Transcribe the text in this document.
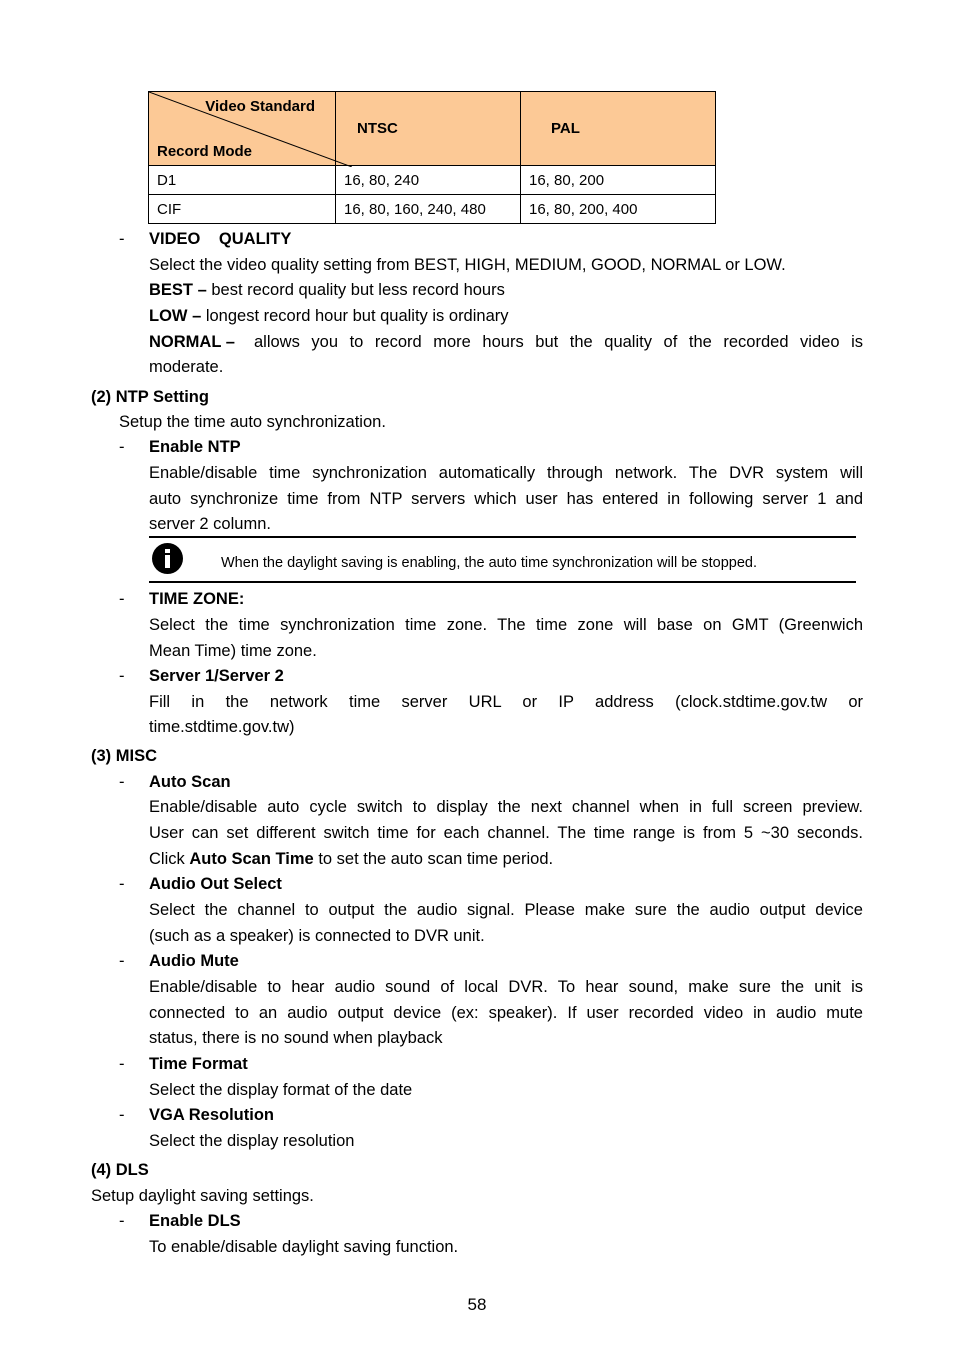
Video Standard
Record Mode	NTSC	PAL
D1	16, 80, 240	16, 80, 200
CIF	16, 80, 160, 240, 480	16, 80, 200, 400
- VIDEO QUALITY
Select the video quality setting from BEST, HIGH, MEDIUM, GOOD, NORMAL or LOW.
BEST – best record quality but less record hours
LOW – longest record hour but quality is ordinary
NORMAL – allows you to record more hours but the quality of the recorded video is
moderate.
(2) NTP Setting
Setup the time auto synchronization.
- Enable NTP
Enable/disable time synchronization automatically through network. The DVR system will
auto synchronize time from NTP servers which user has entered in following server 1 and
server 2 column.
When the daylight saving is enabling, the auto time synchronization will be stopped.
- TIME ZONE:
Select the time synchronization time zone. The time zone will base on GMT (Greenwich
Mean Time) time zone.
- Server 1/Server 2
Fill in the network time server URL or IP address (clock.stdtime.gov.tw or
time.stdtime.gov.tw)
(3) MISC
- Auto Scan
Enable/disable auto cycle switch to display the next channel when in full screen preview.
User can set different switch time for each channel. The time range is from 5 ~30 seconds.
Click Auto Scan Time to set the auto scan time period.
- Audio Out Select
Select the channel to output the audio signal. Please make sure the audio output device
(such as a speaker) is connected to DVR unit.
- Audio Mute
Enable/disable to hear audio sound of local DVR. To hear sound, make sure the unit is
connected to an audio output device (ex: speaker). If user recorded video in audio mute
status, there is no sound when playback
- Time Format
Select the display format of the date
- VGA Resolution
Select the display resolution
(4) DLS
Setup daylight saving settings.
- Enable DLS
To enable/disable daylight saving function.
58
